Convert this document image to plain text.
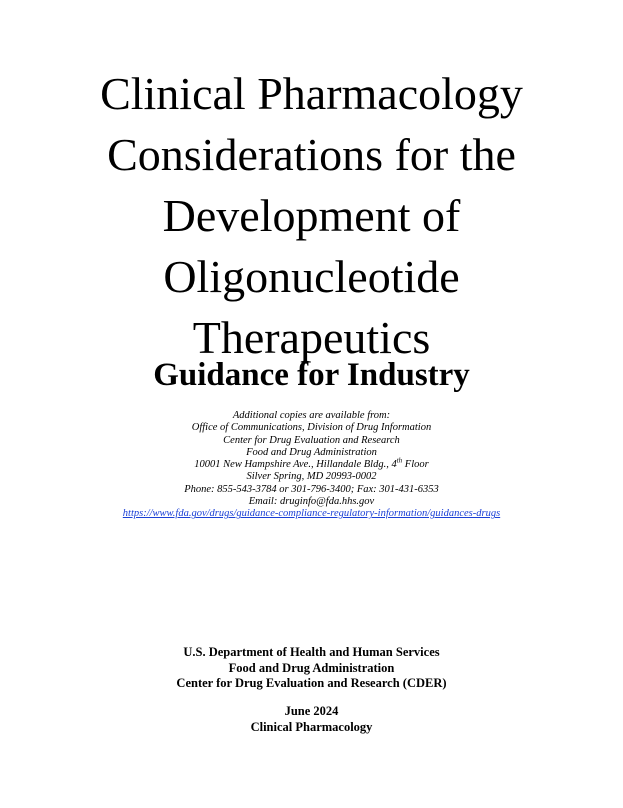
Clinical Pharmacology
Considerations for the
Development of
Oligonucleotide
Therapeutics
Guidance for Industry
Additional copies are available from:
Office of Communications, Division of Drug Information
Center for Drug Evaluation and Research
Food and Drug Administration
10001 New Hampshire Ave., Hillandale Bldg., 4th Floor
Silver Spring, MD 20993-0002
Phone: 855-543-3784 or 301-796-3400; Fax: 301-431-6353
Email: druginfo@fda.hhs.gov
https://www.fda.gov/drugs/guidance-compliance-regulatory-information/guidances-drugs
U.S. Department of Health and Human Services
Food and Drug Administration
Center for Drug Evaluation and Research (CDER)
June 2024
Clinical Pharmacology
